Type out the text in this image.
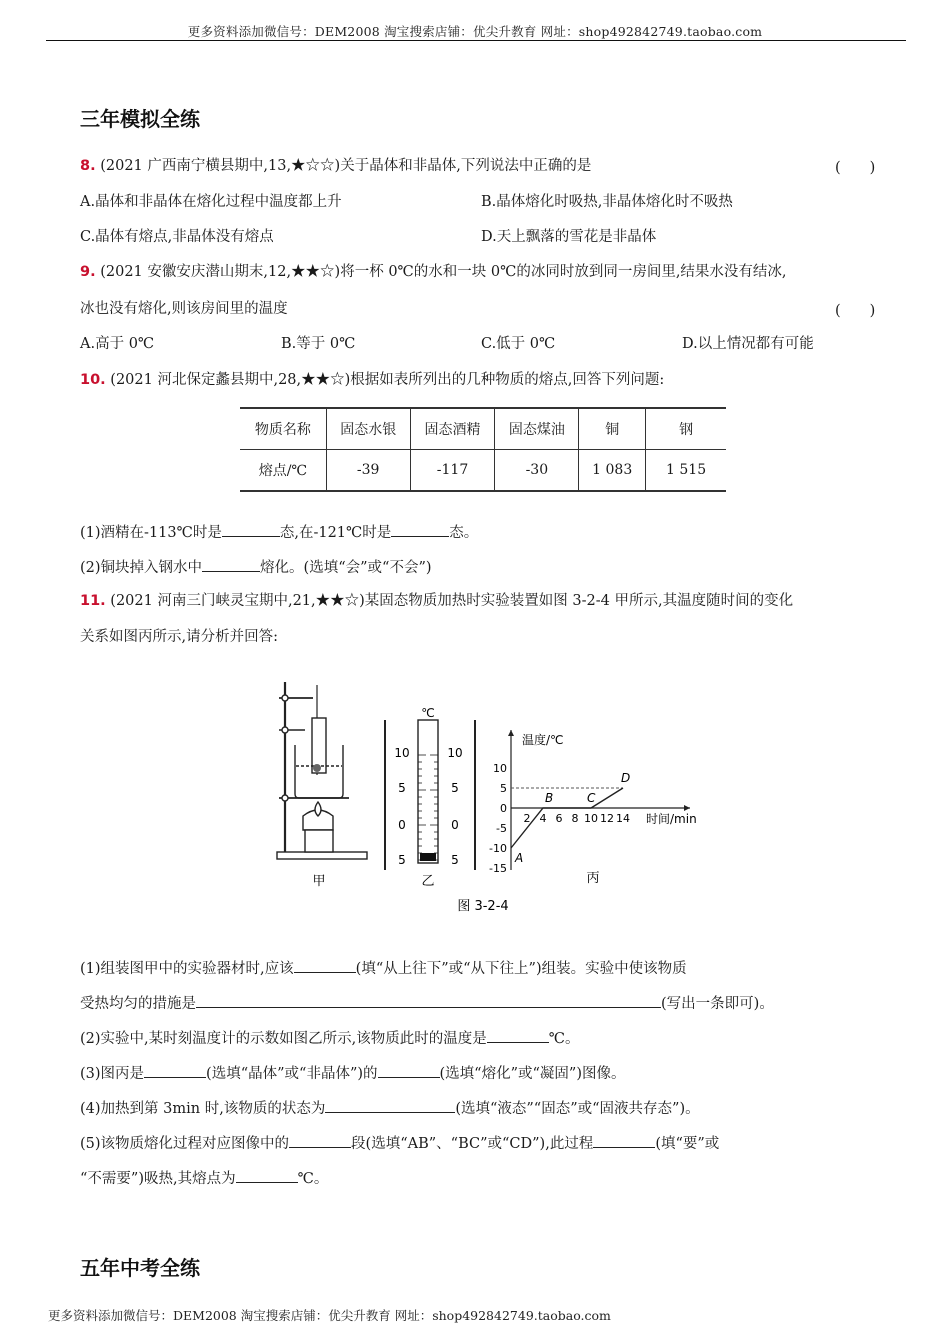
更多资料添加微信号：DEM2008 淘宝搜索店铺：优尖升教育 网址：shop492842749.taobao.com
更多资料添加微信号：DEM2008 淘宝搜索店铺：优尖升教育 网址：shop492842749.taobao.com
三年模拟全练
8. (2021 广西南宁横县期中,13,★☆☆)关于晶体和非晶体,下列说法中正确的是	(　　)
A.晶体和非晶体在熔化过程中温度都上升	B.晶体熔化时吸热,非晶体熔化时不吸热
C.晶体有熔点,非晶体没有熔点	D.天上飘落的雪花是非晶体
9. (2021 安徽安庆潜山期末,12,★★☆)将一杯 0℃的水和一块 0℃的冰同时放到同一房间里,结果水没有结冰,
冰也没有熔化,则该房间里的温度	(　　)
A.高于 0℃	B.等于 0℃	C.低于 0℃	D.以上情况都有可能
10. (2021 河北保定蠡县期中,28,★★☆)根据如表所列出的几种物质的熔点,回答下列问题:
物质名称	固态水银	固态酒精	固态煤油	铜	钢
熔点/℃	-39	-117	-30	1 083	1 515
(1)酒精在-113℃时是	态,在-121℃时是	态。
(2)铜块掉入钢水中	熔化。(选填“会”或“不会”)
11. (2021 河南三门峡灵宝期中,21,★★☆)某固态物质加热时实验装置如图 3-2-4 甲所示,其温度随时间的变化
关系如图丙所示,请分析并回答:
甲
℃
10
5
0
5
10
5
0
5
乙
温度/℃
时间/min
10
5
0
-5
-10
-15
2 4 6 8 10 12 14
A
B	C
D
丙
图 3-2-4
(1)组装图甲中的实验器材时,应该	(填“从上往下”或“从下往上”)组装。实验中使该物质
受热均匀的措施是	(写出一条即可)。
(2)实验中,某时刻温度计的示数如图乙所示,该物质此时的温度是	℃。
(3)图丙是	(选填“晶体”或“非晶体”)的	(选填“熔化”或“凝固”)图像。
(4)加热到第 3min 时,该物质的状态为	(选填“液态”“固态”或“固液共存态”)。
(5)该物质熔化过程对应图像中的	段(选填“AB”、“BC”或“CD”),此过程	(填“要”或
“不需要”)吸热,其熔点为	℃。
五年中考全练
